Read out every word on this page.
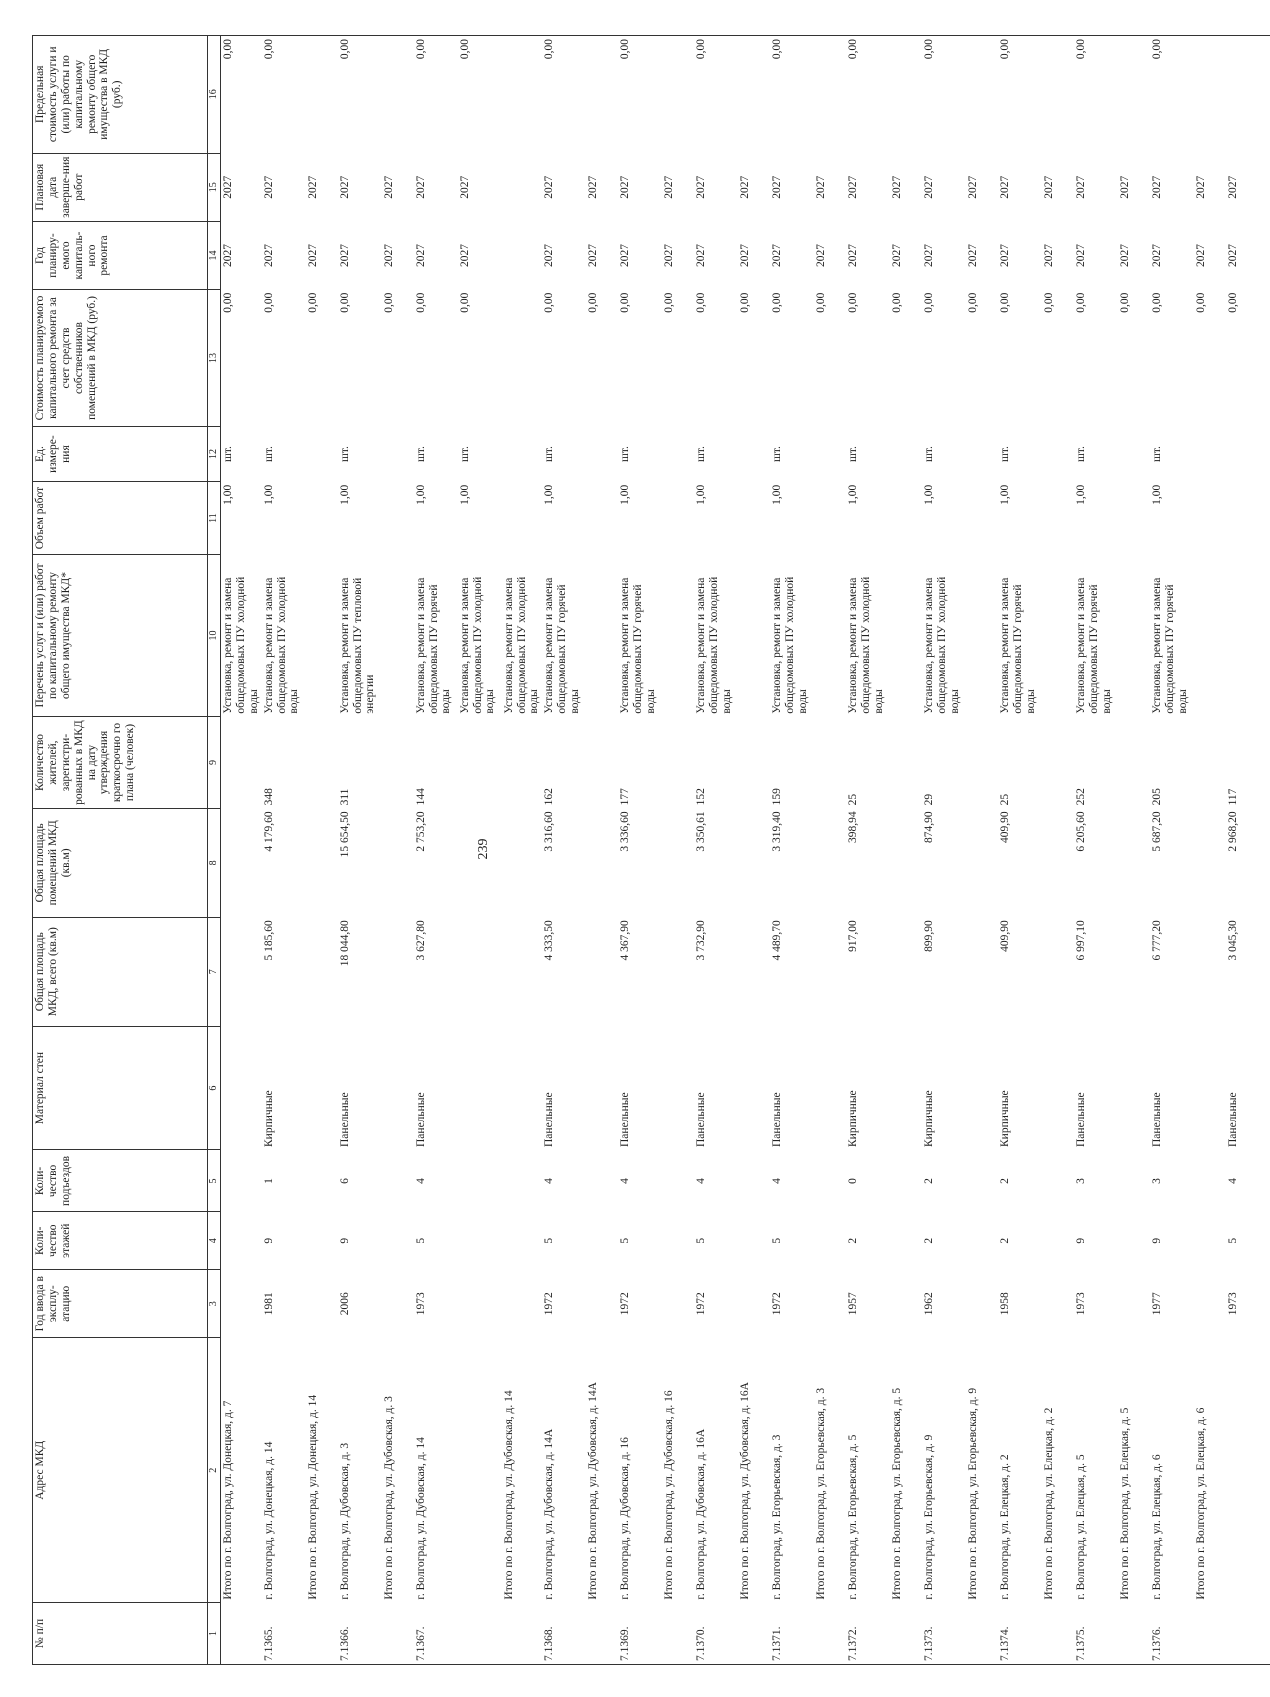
239
№ п/п	Адрес МКД	Год ввода в эксплу-атацию	Коли-чество этажей	Коли-чество подъездов	Материал стен	Общая площадь МКД, всего (кв.м)	Общая площадь помещений МКД (кв.м)	Количество жителей, зарегистри-рованных в МКД на дату утверждения краткосрочно го плана (человек)	Перечень услуг и (или) работ по капитальному ремонту общего имущества МКД*	Объем работ	Ед. измере-ния	Стоимость планируемого капитального ремонта за счет средств собственников помещений в МКД (руб.)	Год планиру-емого капиталь-ного ремонта	Плановая дата заверше-ния работ	Предельная стоимость услуги и (или) работы по капитальному ремонту общего имущества в МКД (руб.)
1	2	3	4	5	6	7	8	9	10	11	12	13	14	15	16
	Итого по г. Волгоград, ул. Донецкая, д. 7								Установка, ремонт и замена общедомовых ПУ холодной воды	1,00	шт.	0,00	2027	2027	0,00
7.1365.	г. Волгоград, ул. Донецкая, д. 14	1981	9	1	Кирпичные	5 185,60	4 179,60	348	Установка, ремонт и замена общедомовых ПУ холодной воды	1,00	шт.	0,00	2027	2027	0,00
	Итого по г. Волгоград, ул. Донецкая, д. 14											0,00	2027	2027	
7.1366.	г. Волгоград, ул. Дубовская, д. 3	2006	9	6	Панельные	18 044,80	15 654,50	311	Установка, ремонт и замена общедомовых ПУ тепловой энергии	1,00	шт.	0,00	2027	2027	0,00
	Итого по г. Волгоград, ул. Дубовская, д. 3											0,00	2027	2027	
7.1367.	г. Волгоград, ул. Дубовская, д. 14	1973	5	4	Панельные	3 627,80	2 753,20	144	Установка, ремонт и замена общедомовых ПУ горячей воды	1,00	шт.	0,00	2027	2027	0,00
									Установка, ремонт и замена общедомовых ПУ холодной воды	1,00	шт.	0,00	2027	2027	0,00
	Итого по г. Волгоград, ул. Дубовская, д. 14								Установка, ремонт и замена общедомовых ПУ холодной воды						
7.1368.	г. Волгоград, ул. Дубовская, д. 14А	1972	5	4	Панельные	4 333,50	3 316,60	162	Установка, ремонт и замена общедомовых ПУ горячей воды	1,00	шт.	0,00	2027	2027	0,00
	Итого по г. Волгоград, ул. Дубовская, д. 14А											0,00	2027	2027	
7.1369.	г. Волгоград, ул. Дубовская, д. 16	1972	5	4	Панельные	4 367,90	3 336,60	177	Установка, ремонт и замена общедомовых ПУ горячей воды	1,00	шт.	0,00	2027	2027	0,00
	Итого по г. Волгоград, ул. Дубовская, д. 16											0,00	2027	2027	
7.1370.	г. Волгоград, ул. Дубовская, д. 16А	1972	5	4	Панельные	3 732,90	3 350,61	152	Установка, ремонт и замена общедомовых ПУ холодной воды	1,00	шт.	0,00	2027	2027	0,00
	Итого по г. Волгоград, ул. Дубовская, д. 16А											0,00	2027	2027	
7.1371.	г. Волгоград, ул. Егорьевская, д. 3	1972	5	4	Панельные	4 489,70	3 319,40	159	Установка, ремонт и замена общедомовых ПУ холодной воды	1,00	шт.	0,00	2027	2027	0,00
	Итого по г. Волгоград, ул. Егорьевская, д. 3											0,00	2027	2027	
7.1372.	г. Волгоград, ул. Егорьевская, д. 5	1957	2	0	Кирпичные	917,00	398,94	25	Установка, ремонт и замена общедомовых ПУ холодной воды	1,00	шт.	0,00	2027	2027	0,00
	Итого по г. Волгоград, ул. Егорьевская, д. 5											0,00	2027	2027	
7.1373.	г. Волгоград, ул. Егорьевская, д. 9	1962	2	2	Кирпичные	899,90	874,90	29	Установка, ремонт и замена общедомовых ПУ холодной воды	1,00	шт.	0,00	2027	2027	0,00
	Итого по г. Волгоград, ул. Егорьевская, д. 9											0,00	2027	2027	
7.1374.	г. Волгоград, ул. Елецкая, д. 2	1958	2	2	Кирпичные	409,90	409,90	25	Установка, ремонт и замена общедомовых ПУ горячей воды	1,00	шт.	0,00	2027	2027	0,00
	Итого по г. Волгоград, ул. Елецкая, д. 2											0,00	2027	2027	
7.1375.	г. Волгоград, ул. Елецкая, д. 5	1973	9	3	Панельные	6 997,10	6 205,60	252	Установка, ремонт и замена общедомовых ПУ горячей воды	1,00	шт.	0,00	2027	2027	0,00
	Итого по г. Волгоград, ул. Елецкая, д. 5											0,00	2027	2027	
7.1376.	г. Волгоград, ул. Елецкая, д. 6	1977	9	3	Панельные	6 777,20	5 687,20	205	Установка, ремонт и замена общедомовых ПУ горячей воды	1,00	шт.	0,00	2027	2027	0,00
	Итого по г. Волгоград, ул. Елецкая, д. 6											0,00	2027	2027	
		1973	5	4	Панельные	3 045,30	2 968,20	117				0,00	2027	2027	
